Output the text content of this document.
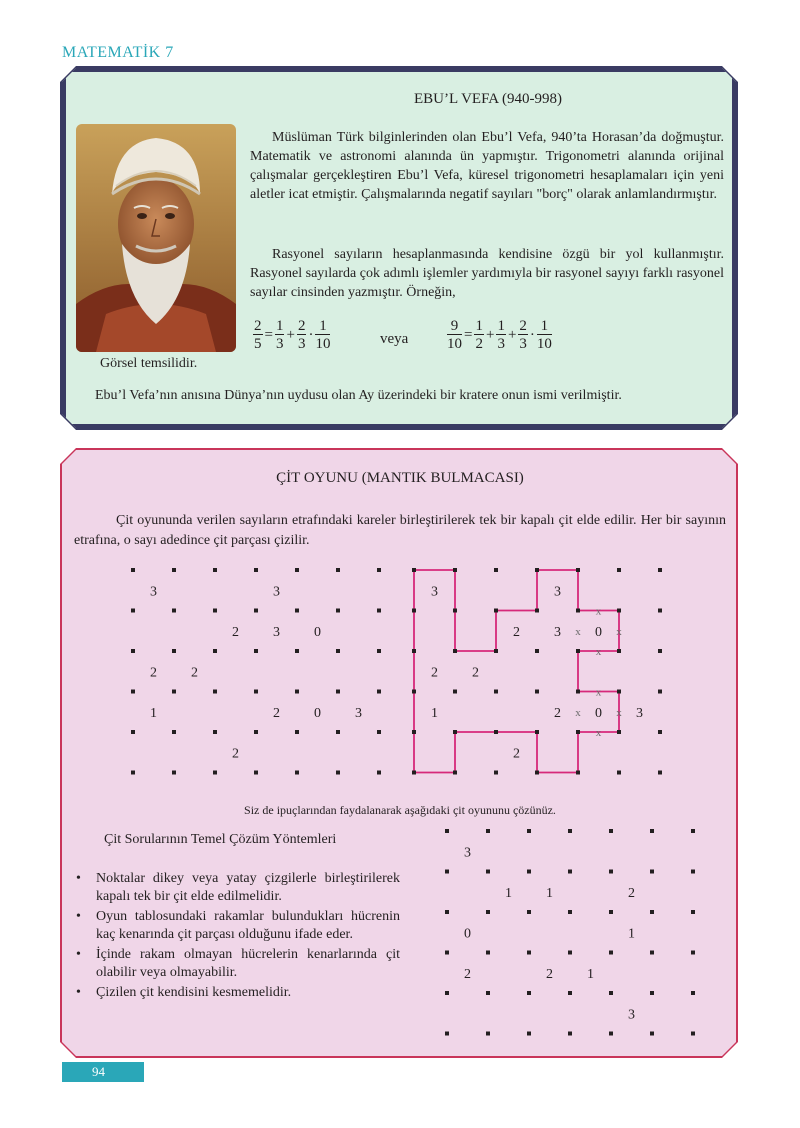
MATEMATİK 7
EBU’L VEFA (940-998)
Görsel temsilidir.

Müslüman Türk bilginlerinden olan Ebu’l Vefa, 940’ta Horasan’da doğmuştur. Matematik ve astronomi alanında ün yapmıştır. Trigonometri alanında orijinal çalışmalar gerçekleştiren Ebu’l Vefa, küresel trigonometri hesaplamaları için yeni aletler icat etmiştir. Çalışmalarında negatif sayıları "borç" olarak anlamlandırmıştır.

Rasyonel sayıların hesaplanmasında kendisine özgü bir yol kullanmıştır. Rasyonel sayılarda çok adımlı işlemler yardımıyla bir rasyonel sayıyı farklı rasyonel sayılar cinsinden yazmıştır. Örneğin,

$\frac{2}{5} = \frac{1}{3} + \frac{2}{3} \cdot \frac{1}{10}$	veya	$\frac{9}{10} = \frac{1}{2} + \frac{1}{3} + \frac{2}{3} \cdot \frac{1}{10}$
Ebu’l Vefa’nın anısına Dünya’nın uydusu olan Ay üzerindeki bir kratere onun ismi verilmiştir.
ÇİT OYUNU (MANTIK BULMACASI)

Çit oyununda verilen sayıların etrafındaki kareler birleştirilerek tek bir kapalı çit elde edilir. Her bir sayının etrafına, o sayı adedince çit parçası çizilir.

3	3
2 3 0
2 2
1	2 0 3
2
3	3
2 3 0
2 2
1	2 0 3
2
x
x	x
x
x
x	x
x
3
1 1	2
0	1
2	2 1
3
Siz de ipuçlarından faydalanarak aşağıdaki çit oyununu çözünüz.
Çit Sorularının Temel Çözüm Yöntemleri
• Noktalar dikey veya yatay çizgilerle birleştirilerek kapalı tek bir çit elde edilmelidir.
• Oyun tablosundaki rakamlar bulundukları hücrenin kaç kenarında çit parçası olduğunu ifade eder.
• İçinde rakam olmayan hücrelerin kenarlarında çit olabilir veya olmayabilir.
• Çizilen çit kendisini kesmemelidir.
94
